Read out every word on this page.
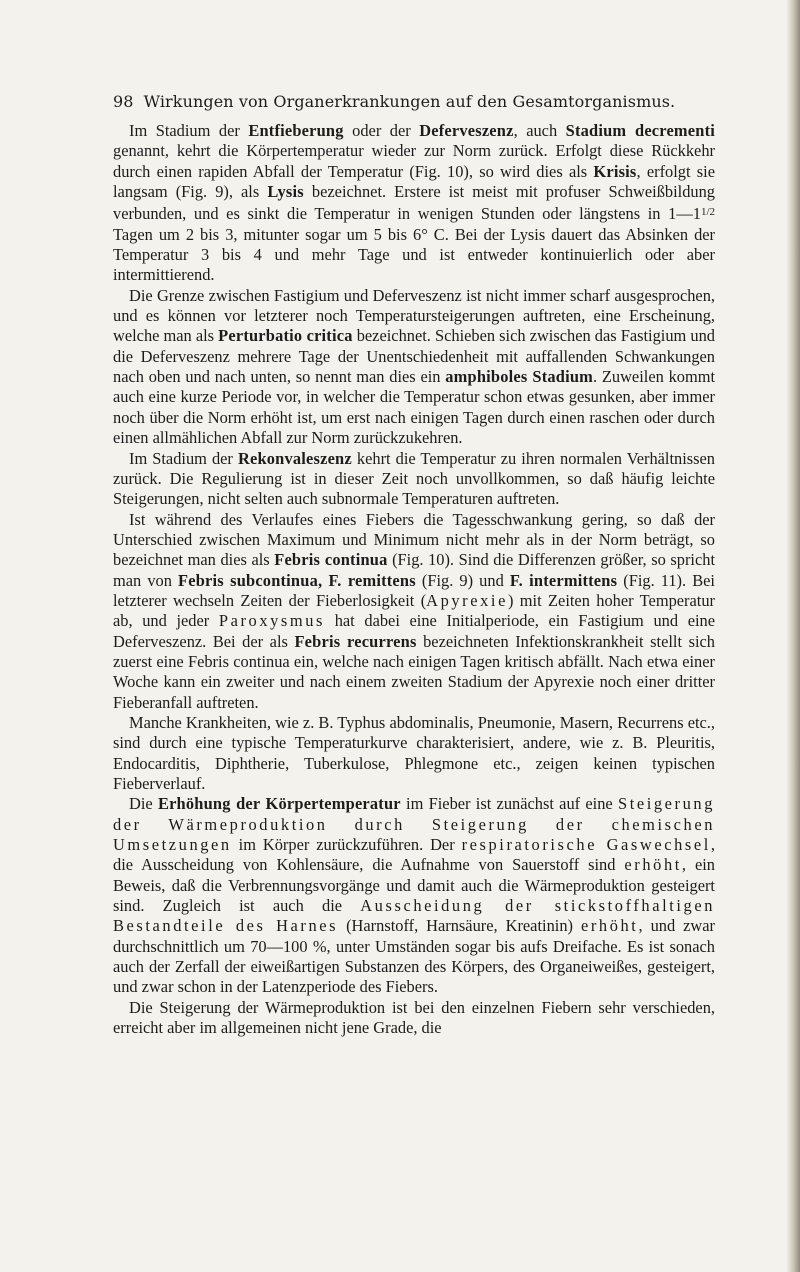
98 Wirkungen von Organerkrankungen auf den Gesamtorganismus.

Im Stadium der Entfieberung oder der Deferveszenz, auch Stadium decrementi genannt, kehrt die Körpertemperatur wieder zur Norm zurück. Erfolgt diese Rückkehr durch einen rapiden Abfall der Temperatur (Fig. 10), so wird dies als Krisis, erfolgt sie langsam (Fig. 9), als Lysis bezeichnet. Erstere ist meist mit profuser Schweißbildung verbunden, und es sinkt die Temperatur in wenigen Stunden oder längstens in $1—1^{1/2}$ Tagen um 2 bis 3, mitunter sogar um 5 bis 6° C. Bei der Lysis dauert das Absinken der Temperatur 3 bis 4 und mehr Tage und ist entweder kontinuierlich oder aber intermittierend.

Die Grenze zwischen Fastigium und Deferveszenz ist nicht immer scharf ausgesprochen, und es können vor letzterer noch Temperatursteigerungen auftreten, eine Erscheinung, welche man als Perturbatio critica bezeichnet. Schieben sich zwischen das Fastigium und die Deferveszenz mehrere Tage der Unentschiedenheit mit auffallenden Schwankungen nach oben und nach unten, so nennt man dies ein amphiboles Stadium. Zuweilen kommt auch eine kurze Periode vor, in welcher die Temperatur schon etwas gesunken, aber immer noch über die Norm erhöht ist, um erst nach einigen Tagen durch einen raschen oder durch einen allmählichen Abfall zur Norm zurückzukehren.

Im Stadium der Rekonvaleszenz kehrt die Temperatur zu ihren normalen Verhältnissen zurück. Die Regulierung ist in dieser Zeit noch unvollkommen, so daß häufig leichte Steigerungen, nicht selten auch subnormale Temperaturen auftreten.

Ist während des Verlaufes eines Fiebers die Tagesschwankung gering, so daß der Unterschied zwischen Maximum und Minimum nicht mehr als in der Norm beträgt, so bezeichnet man dies als Febris continua (Fig. 10). Sind die Differenzen größer, so spricht man von Febris subcontinua, F. remittens (Fig. 9) und F. intermittens (Fig. 11). Bei letzterer wechseln Zeiten der Fieberlosigkeit (Apyrexie) mit Zeiten hoher Temperatur ab, und jeder Paroxysmus hat dabei eine Initialperiode, ein Fastigium und eine Deferveszenz. Bei der als Febris recurrens bezeichneten Infektionskrankheit stellt sich zuerst eine Febris continua ein, welche nach einigen Tagen kritisch abfällt. Nach etwa einer Woche kann ein zweiter und nach einem zweiten Stadium der Apyrexie noch einer dritter Fieberanfall auftreten.

Manche Krankheiten, wie z. B. Typhus abdominalis, Pneumonie, Masern, Recurrens etc., sind durch eine typische Temperaturkurve charakterisiert, andere, wie z. B. Pleuritis, Endocarditis, Diphtherie, Tuberkulose, Phlegmone etc., zeigen keinen typischen Fieberverlauf.

Die Erhöhung der Körpertemperatur im Fieber ist zunächst auf eine Steigerung der Wärmeproduktion durch Steigerung der chemischen Umsetzungen im Körper zurückzuführen. Der respiratorische Gaswechsel, die Ausscheidung von Kohlensäure, die Aufnahme von Sauerstoff sind erhöht, ein Beweis, daß die Verbrennungsvorgänge und damit auch die Wärmeproduktion gesteigert sind. Zugleich ist auch die Ausscheidung der stickstoffhaltigen Bestandteile des Harnes (Harnstoff, Harnsäure, Kreatinin) erhöht, und zwar durchschnittlich um 70—100 %, unter Umständen sogar bis aufs Dreifache. Es ist sonach auch der Zerfall der eiweißartigen Substanzen des Körpers, des Organeiweißes, gesteigert, und zwar schon in der Latenzperiode des Fiebers.

Die Steigerung der Wärmeproduktion ist bei den einzelnen Fiebern sehr verschieden, erreicht aber im allgemeinen nicht jene Grade, die
